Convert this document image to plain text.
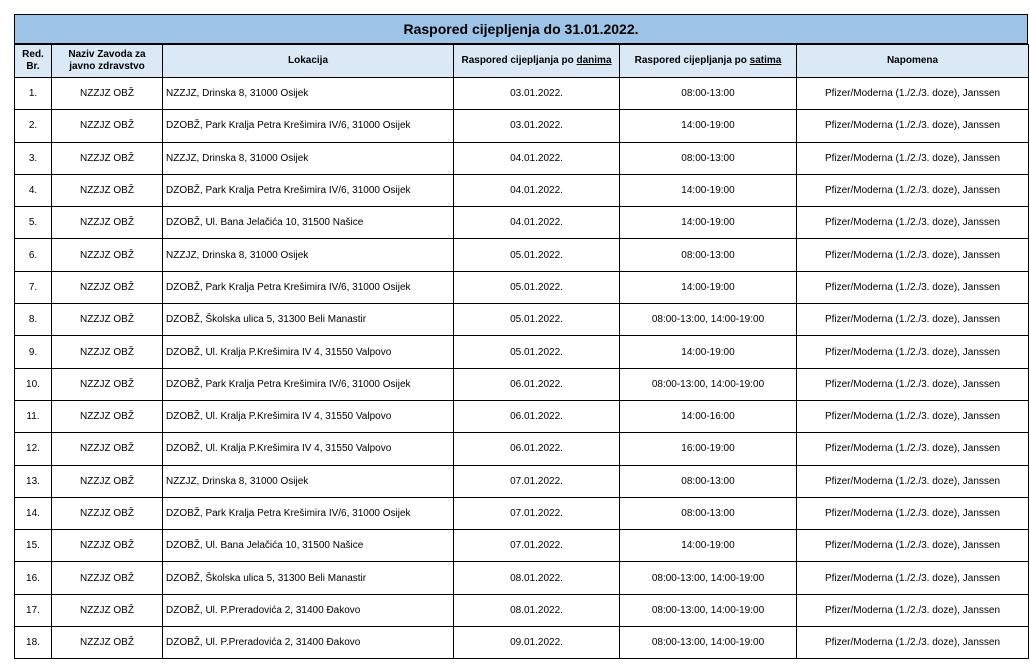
Raspored cijepljenja do 31.01.2022.
Red. Br.	Naziv Zavoda za javno zdravstvo	Lokacija	Raspored cijepljanja po danima	Raspored cijepljanja po satima	Napomena
1.	NZZJZ OBŽ	NZZJZ, Drinska 8, 31000 Osijek	03.01.2022.	08:00-13:00	Pfizer/Moderna (1./2./3. doze), Janssen
2.	NZZJZ OBŽ	DZOBŽ, Park Kralja Petra Krešimira IV/6, 31000 Osijek	03.01.2022.	14:00-19:00	Pfizer/Moderna (1./2./3. doze), Janssen
3.	NZZJZ OBŽ	NZZJZ, Drinska 8, 31000 Osijek	04.01.2022.	08:00-13:00	Pfizer/Moderna (1./2./3. doze), Janssen
4.	NZZJZ OBŽ	DZOBŽ, Park Kralja Petra Krešimira IV/6, 31000 Osijek	04.01.2022.	14:00-19:00	Pfizer/Moderna (1./2./3. doze), Janssen
5.	NZZJZ OBŽ	DZOBŽ, Ul. Bana Jelačića 10, 31500 Našice	04.01.2022.	14:00-19:00	Pfizer/Moderna (1./2./3. doze), Janssen
6.	NZZJZ OBŽ	NZZJZ, Drinska 8, 31000 Osijek	05.01.2022.	08:00-13:00	Pfizer/Moderna (1./2./3. doze), Janssen
7.	NZZJZ OBŽ	DZOBŽ, Park Kralja Petra Krešimira IV/6, 31000 Osijek	05.01.2022.	14:00-19:00	Pfizer/Moderna (1./2./3. doze), Janssen
8.	NZZJZ OBŽ	DZOBŽ, Školska ulica 5, 31300 Beli Manastir	05.01.2022.	08:00-13:00, 14:00-19:00	Pfizer/Moderna (1./2./3. doze), Janssen
9.	NZZJZ OBŽ	DZOBŽ, Ul. Kralja P.Krešimira IV 4, 31550 Valpovo	05.01.2022.	14:00-19:00	Pfizer/Moderna (1./2./3. doze), Janssen
10.	NZZJZ OBŽ	DZOBŽ, Park Kralja Petra Krešimira IV/6, 31000 Osijek	06.01.2022.	08:00-13:00, 14:00-19:00	Pfizer/Moderna (1./2./3. doze), Janssen
11.	NZZJZ OBŽ	DZOBŽ, Ul. Kralja P.Krešimira IV 4, 31550 Valpovo	06.01.2022.	14:00-16:00	Pfizer/Moderna (1./2./3. doze), Janssen
12.	NZZJZ OBŽ	DZOBŽ, Ul. Kralja P.Krešimira IV 4, 31550 Valpovo	06.01.2022.	16:00-19:00	Pfizer/Moderna (1./2./3. doze), Janssen
13.	NZZJZ OBŽ	NZZJZ, Drinska 8, 31000 Osijek	07.01.2022.	08:00-13:00	Pfizer/Moderna (1./2./3. doze), Janssen
14.	NZZJZ OBŽ	DZOBŽ, Park Kralja Petra Krešimira IV/6, 31000 Osijek	07.01.2022.	08:00-13:00	Pfizer/Moderna (1./2./3. doze), Janssen
15.	NZZJZ OBŽ	DZOBŽ, Ul. Bana Jelačića 10, 31500 Našice	07.01.2022.	14:00-19:00	Pfizer/Moderna (1./2./3. doze), Janssen
16.	NZZJZ OBŽ	DZOBŽ, Školska ulica 5, 31300 Beli Manastir	08.01.2022.	08:00-13:00, 14:00-19:00	Pfizer/Moderna (1./2./3. doze), Janssen
17.	NZZJZ OBŽ	DZOBŽ, Ul. P.Preradovića 2, 31400 Đakovo	08.01.2022.	08:00-13:00, 14:00-19:00	Pfizer/Moderna (1./2./3. doze), Janssen
18.	NZZJZ OBŽ	DZOBŽ, Ul. P.Preradovića 2, 31400 Đakovo	09.01.2022.	08:00-13:00, 14:00-19:00	Pfizer/Moderna (1./2./3. doze), Janssen
